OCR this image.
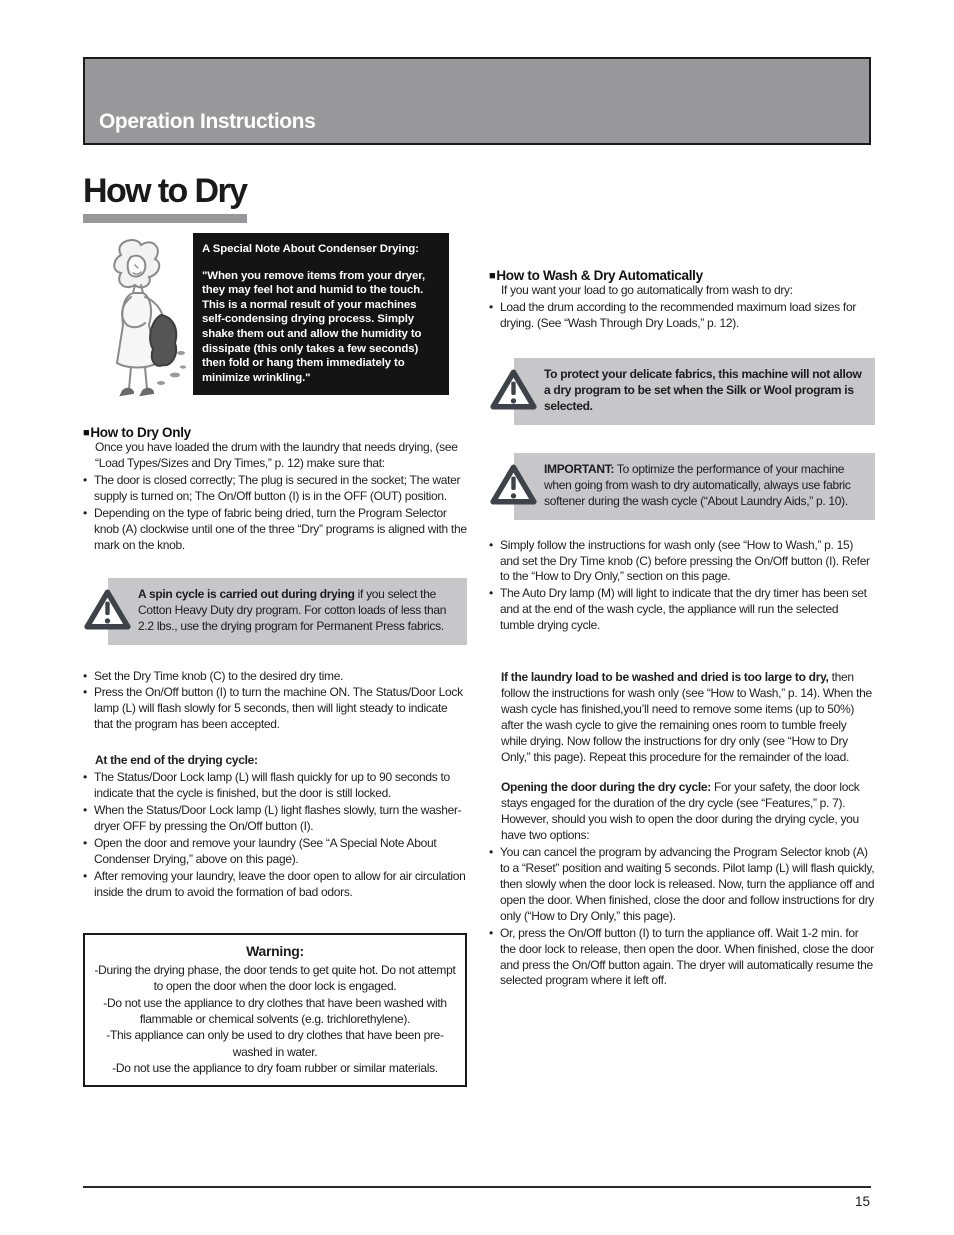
Operation Instructions
How to Dry
A Special Note About Condenser Drying:
"When you remove items from your dryer, they may feel hot and humid to the touch. This is a normal result of your machines self-condensing drying process. Simply shake them out and allow the humidity to dissipate (this only takes a few seconds) then fold or hang them immediately to minimize wrinkling."
■ How to Dry Only
Once you have loaded the drum with the laundry that needs drying, (see “Load Types/Sizes and Dry Times,” p. 12) make sure that:
• The door is closed correctly; The plug is secured in the socket; The water supply is turned on; The On/Off button (I) is in the OFF (OUT) position.
• Depending on the type of fabric being dried, turn the Program Selector knob (A) clockwise until one of the three “Dry” programs is aligned with the mark on the knob.
A spin cycle is carried out during drying if you select the Cotton Heavy Duty dry program. For cotton loads of less than 2.2 lbs., use the drying program for Permanent Press fabrics.
• Set the Dry Time knob (C) to the desired dry time.
• Press the On/Off button (I) to turn the machine ON. The Status/Door Lock lamp (L) will flash slowly for 5 seconds, then will light steady to indicate that the program has been accepted.
At the end of the drying cycle:
• The Status/Door Lock lamp (L) will flash quickly for up to 90 seconds to indicate that the cycle is finished, but the door is still locked.
• When the Status/Door Lock lamp (L) light flashes slowly, turn the washer-dryer OFF by pressing the On/Off button (I).
• Open the door and remove your laundry (See “A Special Note About Condenser Drying,” above on this page).
• After removing your laundry, leave the door open to allow for air circulation inside the drum to avoid the formation of bad odors.
Warning:
-During the drying phase, the door tends to get quite hot. Do not attempt to open the door when the door lock is engaged.
-Do not use the appliance to dry clothes that have been washed with flammable or chemical solvents (e.g. trichlorethylene).
-This appliance can only be used to dry clothes that have been pre-washed in water.
-Do not use the appliance to dry foam rubber or similar materials.
■ How to Wash & Dry Automatically
If you want your load to go automatically from wash to dry:
• Load the drum according to the recommended maximum load sizes for drying. (See “Wash Through Dry Loads,” p. 12).
To protect your delicate fabrics, this machine will not allow a dry program to be set when the Silk or Wool program is selected.
IMPORTANT: To optimize the performance of your machine when going from wash to dry automatically, always use fabric softener during the wash cycle (“About Laundry Aids,” p. 10).
• Simply follow the instructions for wash only (see “How to Wash,” p. 15) and set the Dry Time knob (C) before pressing the On/Off button (I). Refer to the “How to Dry Only,” section on this page.
• The Auto Dry lamp (M) will light to indicate that the dry timer has been set and at the end of the wash cycle, the appliance will run the selected tumble drying cycle.
If the laundry load to be washed and dried is too large to dry, then follow the instructions for wash only (see “How to Wash,” p. 14). When the wash cycle has finished,you’ll need to remove some items (up to 50%) after the wash cycle to give the remaining ones room to tumble freely while drying. Now follow the instructions for dry only (see “How to Dry Only,” this page). Repeat this procedure for the remainder of the load.
Opening the door during the dry cycle: For your safety, the door lock stays engaged for the duration of the dry cycle (see “Features,” p. 7). However, should you wish to open the door during the drying cycle, you have two options:
• You can cancel the program by advancing the Program Selector knob (A) to a “Reset” position and waiting 5 seconds. Pilot lamp (L) will flash quickly, then slowly when the door lock is released. Now, turn the appliance off and open the door. When finished, close the door and follow instructions for dry only (“How to Dry Only,” this page).
• Or, press the On/Off button (I) to turn the appliance off. Wait 1-2 min. for the door lock to release, then open the door. When finished, close the door and press the On/Off button again. The dryer will automatically resume the selected program where it left off.
15
